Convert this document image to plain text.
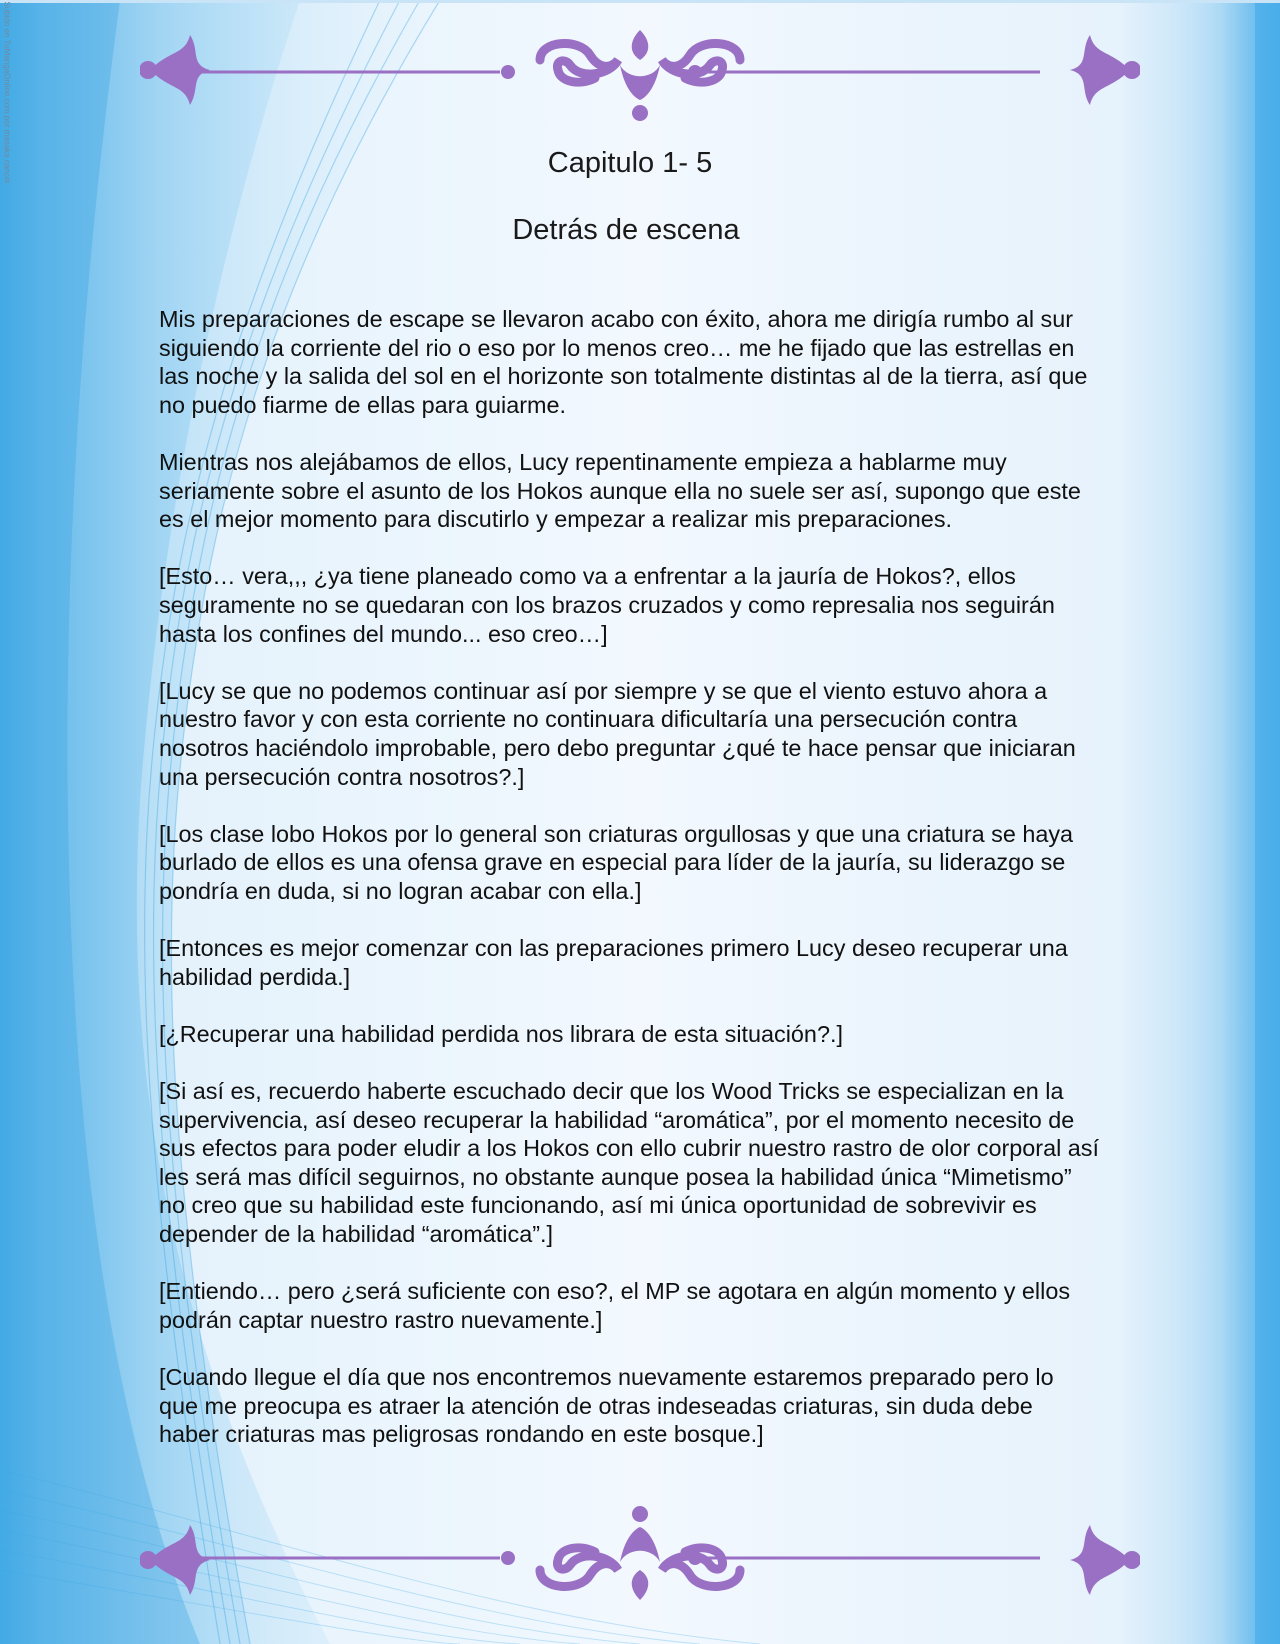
Subido en TuMangaOnline.com por masaka cancel	Capitulo 1- 5
Detrás de escena

Mis preparaciones de escape se llevaron acabo con éxito, ahora me dirigía rumbo al sur siguiendo la corriente del rio o eso por lo menos creo… me he fijado que las estrellas en las noche y la salida del sol en el horizonte son totalmente distintas al de la tierra, así que no puedo fiarme de ellas para guiarme.

Mientras nos alejábamos de ellos, Lucy repentinamente empieza a hablarme muy seriamente sobre el asunto de los Hokos aunque ella no suele ser así, supongo que este es el mejor momento para discutirlo y empezar a realizar mis preparaciones.

[Esto… vera,,, ¿ya tiene planeado como va a enfrentar a la jauría de Hokos?, ellos seguramente no se quedaran con los brazos cruzados y como represalia nos seguirán hasta los confines del mundo... eso creo…]

[Lucy se que no podemos continuar así por siempre y se que el viento estuvo ahora a nuestro favor y con esta corriente no continuara dificultaría una persecución contra nosotros haciéndolo improbable, pero debo preguntar ¿qué te hace pensar que iniciaran una persecución contra nosotros?.]

[Los clase lobo Hokos por lo general son criaturas orgullosas y que una criatura se haya burlado de ellos es una ofensa grave en especial para líder de la jauría, su liderazgo se pondría en duda, si no logran acabar con ella.]

[Entonces es mejor comenzar con las preparaciones primero Lucy deseo recuperar una habilidad perdida.]

[¿Recuperar una habilidad perdida nos librara de esta situación?.]

[Si así es, recuerdo haberte escuchado decir que los Wood Tricks se especializan en la supervivencia, así deseo recuperar la habilidad “aromática”, por el momento necesito de sus efectos para poder eludir a los Hokos con ello cubrir nuestro rastro de olor corporal así les será mas difícil seguirnos, no obstante aunque posea la habilidad única “Mimetismo” no creo que su habilidad este funcionando, así mi única oportunidad de sobrevivir es depender de la habilidad “aromática”.]

[Entiendo… pero ¿será suficiente con eso?, el MP se agotara en algún momento y ellos podrán captar nuestro rastro nuevamente.]

[Cuando llegue el día que nos encontremos nuevamente estaremos preparado pero lo que me preocupa es atraer la atención de otras indeseadas criaturas, sin duda debe haber criaturas mas peligrosas rondando en este bosque.]
